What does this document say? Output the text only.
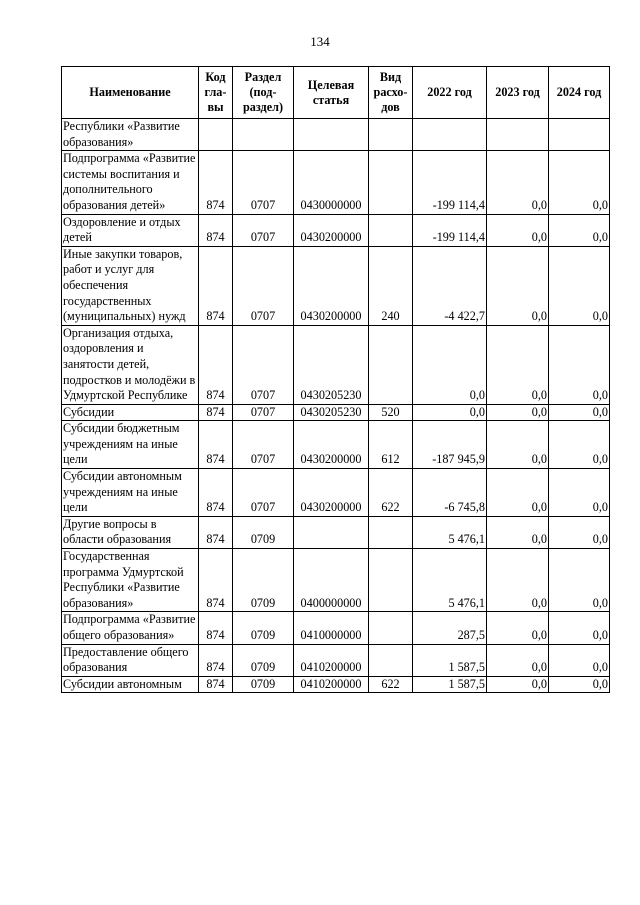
134
Наименование	Код гла- вы	Раздел (под- раздел)	Целевая статья	Вид расхо- дов	2022 год	2023 год	2024 год
Республики «Развитие образования»							
Подпрограмма «Развитие системы воспитания и дополнительного образования детей»	874	0707	0430000000		-199 114,4	0,0	0,0
Оздоровление и отдых детей	874	0707	0430200000		-199 114,4	0,0	0,0
Иные закупки товаров, работ и услуг для обеспечения государственных (муниципальных) нужд	874	0707	0430200000	240	-4 422,7	0,0	0,0
Организация отдыха, оздоровления и занятости детей, подростков и молодёжи в Удмуртской Республике	874	0707	0430205230		0,0	0,0	0,0
Субсидии	874	0707	0430205230	520	0,0	0,0	0,0
Субсидии бюджетным учреждениям на иные цели	874	0707	0430200000	612	-187 945,9	0,0	0,0
Субсидии автономным учреждениям на иные цели	874	0707	0430200000	622	-6 745,8	0,0	0,0
Другие вопросы в области образования	874	0709			5 476,1	0,0	0,0
Государственная программа Удмуртской Республики «Развитие образования»	874	0709	0400000000		5 476,1	0,0	0,0
Подпрограмма «Развитие общего образования»	874	0709	0410000000		287,5	0,0	0,0
Предоставление общего образования	874	0709	0410200000		1 587,5	0,0	0,0
Субсидии автономным	874	0709	0410200000	622	1 587,5	0,0	0,0
